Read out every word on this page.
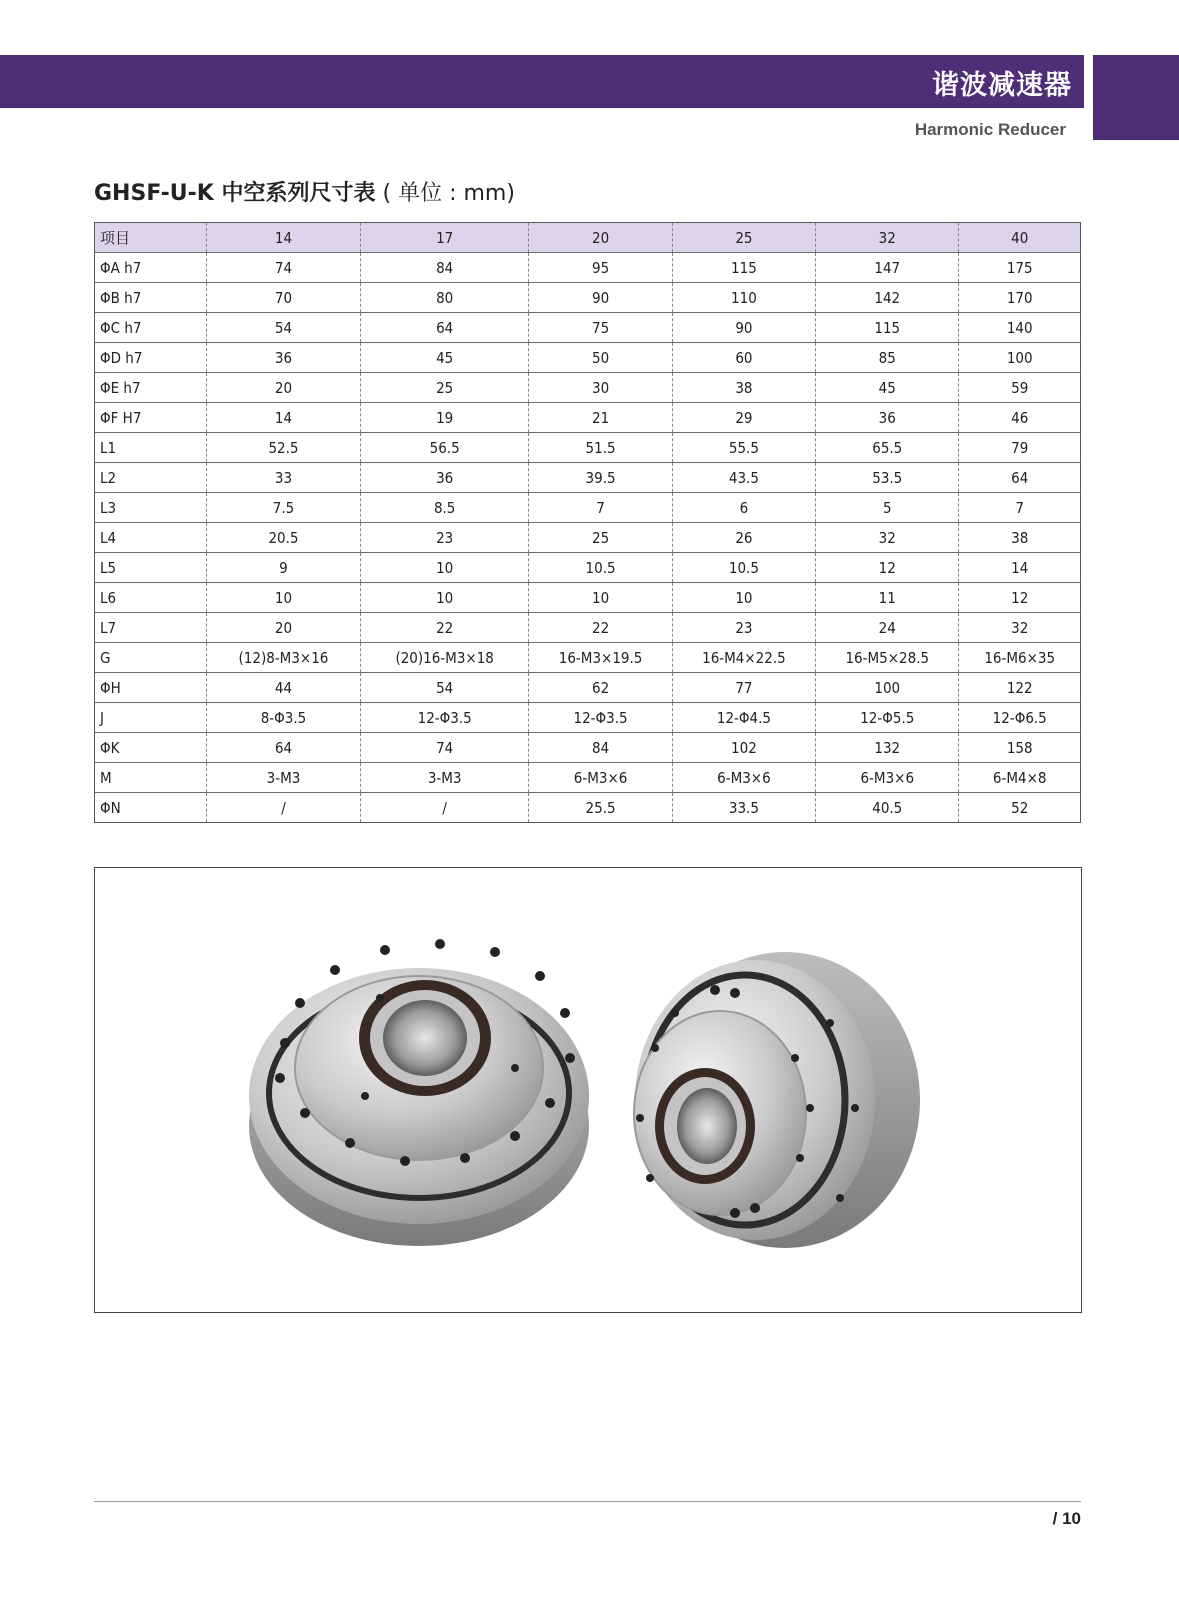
谐波减速器
Harmonic Reducer
GHSF-U-K 中空系列尺寸表 ( 单位 : mm)
项目	14	17	20	25	32	40
ΦA h7	74	84	95	115	147	175
ΦB h7	70	80	90	110	142	170
ΦC h7	54	64	75	90	115	140
ΦD h7	36	45	50	60	85	100
ΦE h7	20	25	30	38	45	59
ΦF H7	14	19	21	29	36	46
L1	52.5	56.5	51.5	55.5	65.5	79
L2	33	36	39.5	43.5	53.5	64
L3	7.5	8.5	7	6	5	7
L4	20.5	23	25	26	32	38
L5	9	10	10.5	10.5	12	14
L6	10	10	10	10	11	12
L7	20	22	22	23	24	32
G	(12)8-M3×16	(20)16-M3×18	16-M3×19.5	16-M4×22.5	16-M5×28.5	16-M6×35
ΦH	44	54	62	77	100	122
J	8-Φ3.5	12-Φ3.5	12-Φ3.5	12-Φ4.5	12-Φ5.5	12-Φ6.5
ΦK	64	74	84	102	132	158
M	3-M3	3-M3	6-M3×6	6-M3×6	6-M3×6	6-M4×8
ΦN	/	/	25.5	33.5	40.5	52
/ 10
